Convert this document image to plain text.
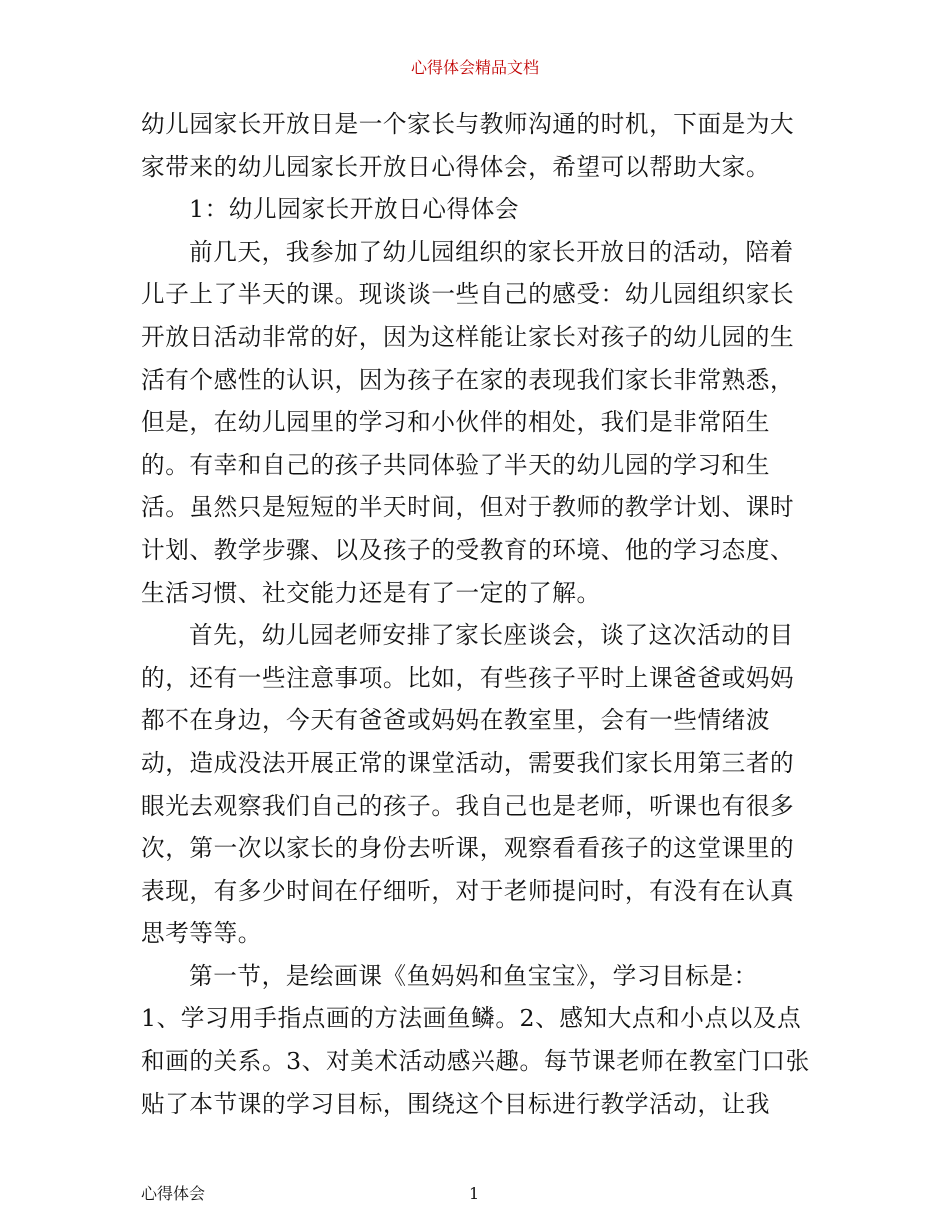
心得体会精品文档

幼儿园家长开放日是一个家长与教师沟通的时机，下面是为大家带来的幼儿园家长开放日心得体会，希望可以帮助大家。

1：幼儿园家长开放日心得体会

前几天，我参加了幼儿园组织的家长开放日的活动，陪着儿子上了半天的课。现谈谈一些自己的感受：幼儿园组织家长开放日活动非常的好，因为这样能让家长对孩子的幼儿园的生活有个感性的认识，因为孩子在家的表现我们家长非常熟悉，但是，在幼儿园里的学习和小伙伴的相处，我们是非常陌生的。有幸和自己的孩子共同体验了半天的幼儿园的学习和生活。虽然只是短短的半天时间，但对于教师的教学计划、课时计划、教学步骤、以及孩子的受教育的环境、他的学习态度、生活习惯、社交能力还是有了一定的了解。

首先，幼儿园老师安排了家长座谈会，谈了这次活动的目的，还有一些注意事项。比如，有些孩子平时上课爸爸或妈妈都不在身边，今天有爸爸或妈妈在教室里，会有一些情绪波动，造成没法开展正常的课堂活动，需要我们家长用第三者的眼光去观察我们自己的孩子。我自己也是老师，听课也有很多次，第一次以家长的身份去听课，观察看看孩子的这堂课里的表现，有多少时间在仔细听，对于老师提问时，有没有在认真思考等等。

第一节，是绘画课《鱼妈妈和鱼宝宝》，学习目标是：

1、学习用手指点画的方法画鱼鳞。2、感知大点和小点以及点和画的关系。3、对美术活动感兴趣。每节课老师在教室门口张贴了本节课的学习目标，围绕这个目标进行教学活动，让我

心得体会	1
